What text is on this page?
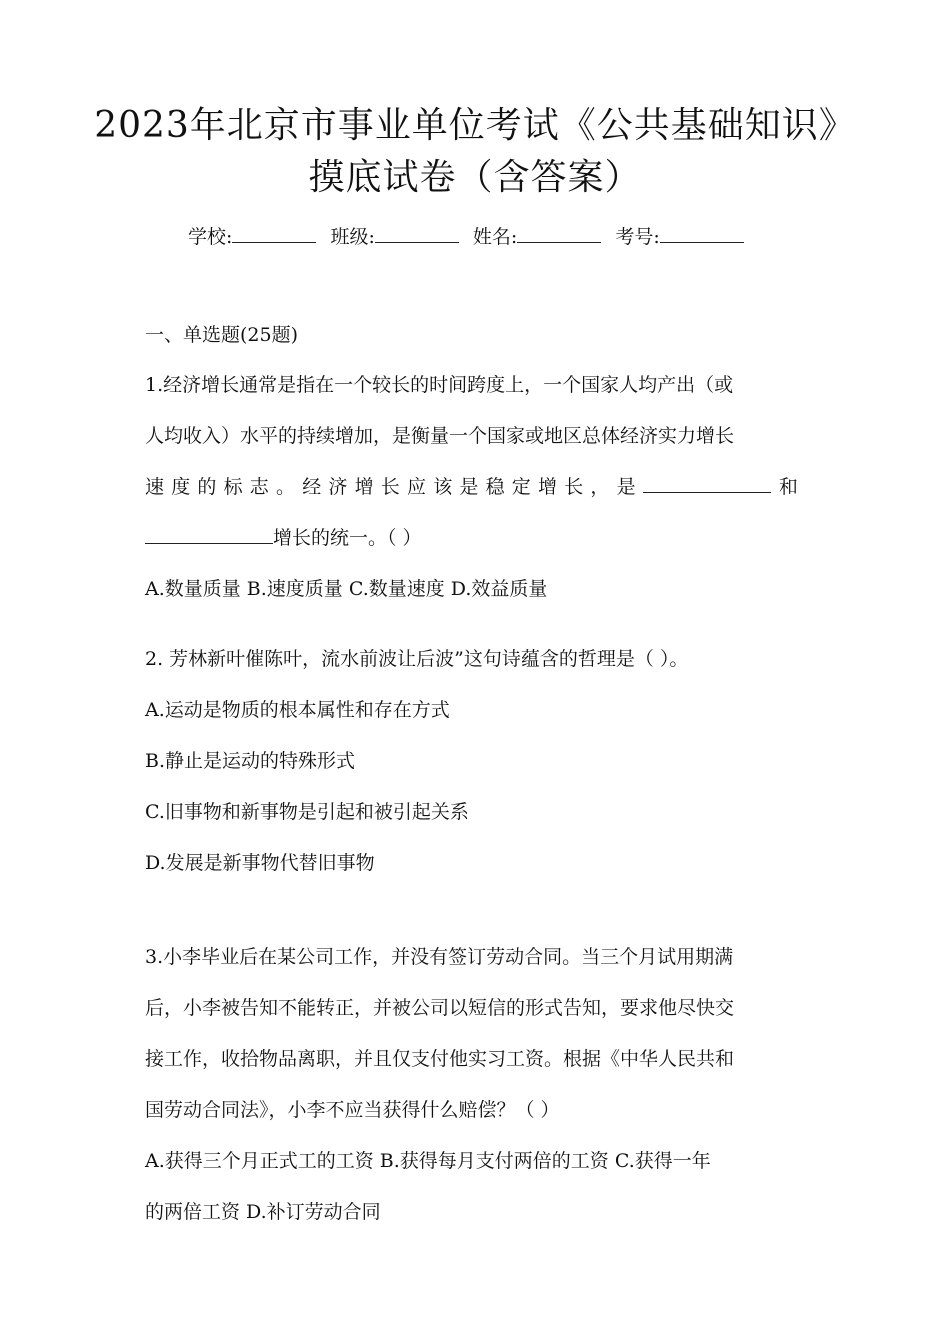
2023年北京市事业单位考试《公共基础知识》
摸底试卷（含答案）
学校:	班级:	姓名:	考号:
一、单选题(25题)
1.经济增长通常是指在一个较长的时间跨度上，一个国家人均产出（或
人均收入）水平的持续增加，是衡量一个国家或地区总体经济实力增长
速度的标志。经济增长应该是稳定增长，是	和
增长的统一。（ ）
A.数量质量 B.速度质量 C.数量速度 D.效益质量
2. 芳林新叶催陈叶，流水前波让后波”这句诗蕴含的哲理是（ ）。
A.运动是物质的根本属性和存在方式
B.静止是运动的特殊形式
C.旧事物和新事物是引起和被引起关系
D.发展是新事物代替旧事物
3.小李毕业后在某公司工作，并没有签订劳动合同。当三个月试用期满
后，小李被告知不能转正，并被公司以短信的形式告知，要求他尽快交
接工作，收拾物品离职，并且仅支付他实习工资。根据《中华人民共和
国劳动合同法》，小李不应当获得什么赔偿？（ ）
A.获得三个月正式工的工资 B.获得每月支付两倍的工资 C.获得一年
的两倍工资 D.补订劳动合同
